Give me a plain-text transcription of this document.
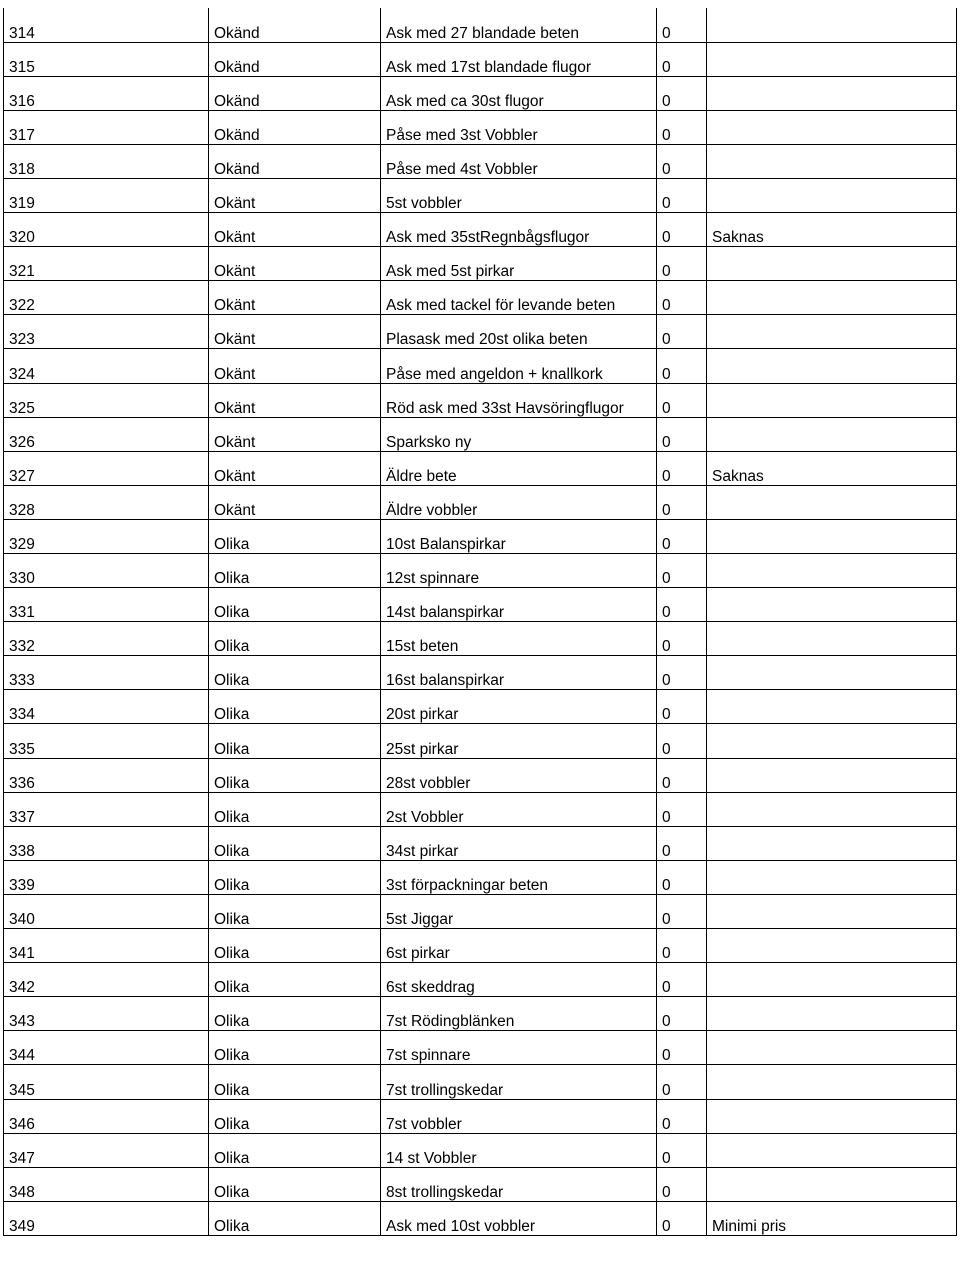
314	Okänd	Ask med 27 blandade beten	0	
315	Okänd	Ask med 17st blandade flugor	0	
316	Okänd	Ask med ca 30st flugor	0	
317	Okänd	Påse med 3st Vobbler	0	
318	Okänd	Påse med 4st Vobbler	0	
319	Okänt	5st vobbler	0	
320	Okänt	Ask med 35stRegnbågsflugor	0	Saknas
321	Okänt	Ask med 5st pirkar	0	
322	Okänt	Ask med tackel för levande beten	0	
323	Okänt	Plasask med 20st olika beten	0	
324	Okänt	Påse med angeldon + knallkork	0	
325	Okänt	Röd ask med 33st Havsöringflugor	0	
326	Okänt	Sparksko ny	0	
327	Okänt	Äldre bete	0	Saknas
328	Okänt	Äldre vobbler	0	
329	Olika	10st Balanspirkar	0	
330	Olika	12st spinnare	0	
331	Olika	14st balanspirkar	0	
332	Olika	15st beten	0	
333	Olika	16st balanspirkar	0	
334	Olika	20st pirkar	0	
335	Olika	25st pirkar	0	
336	Olika	28st vobbler	0	
337	Olika	2st Vobbler	0	
338	Olika	34st pirkar	0	
339	Olika	3st förpackningar beten	0	
340	Olika	5st Jiggar	0	
341	Olika	6st pirkar	0	
342	Olika	6st skeddrag	0	
343	Olika	7st Rödingblänken	0	
344	Olika	7st spinnare	0	
345	Olika	7st trollingskedar	0	
346	Olika	7st vobbler	0	
347	Olika	14 st Vobbler	0	
348	Olika	8st trollingskedar	0	
349	Olika	Ask med 10st vobbler	0	Minimi pris
